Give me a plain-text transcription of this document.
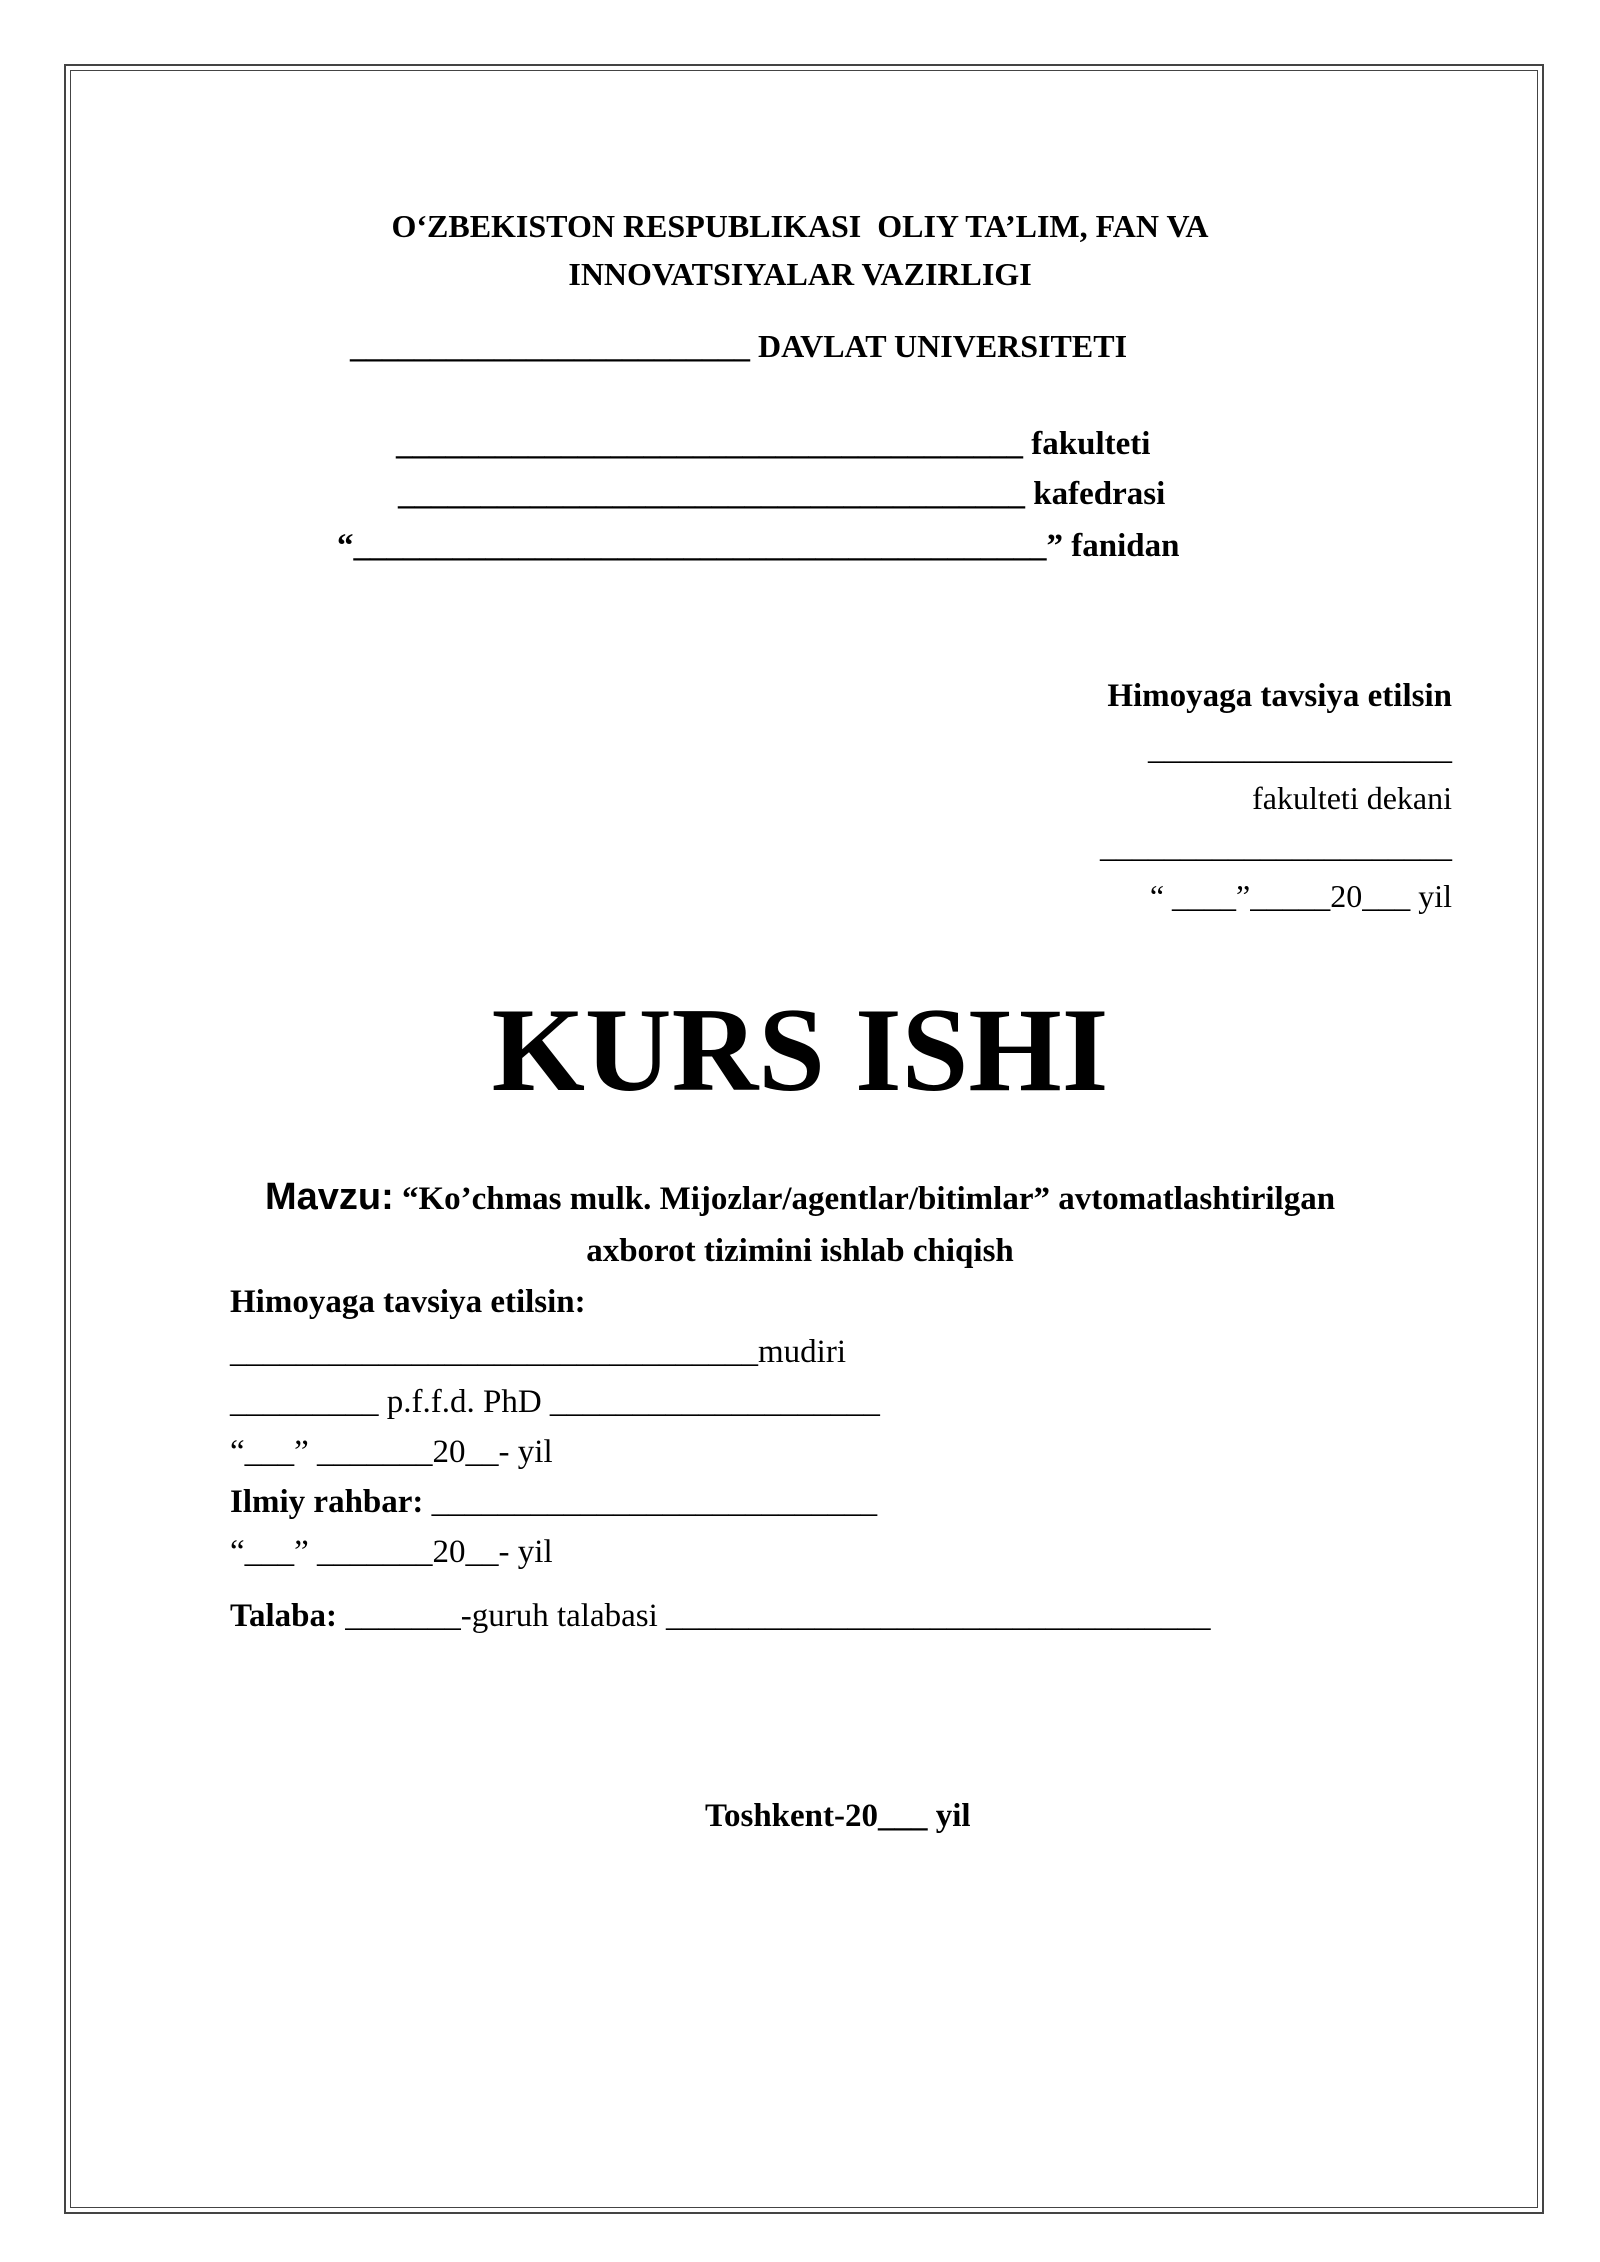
O‘ZBEKISTON RESPUBLIKASI  OLIY TA’LIM, FAN VA
INNOVATSIYALAR VAZIRLIGI
_________________________ DAVLAT UNIVERSITETI
______________________________________ fakulteti
______________________________________ kafedrasi
“__________________________________________” fanidan
Himoyaga tavsiya etilsin
___________________
fakulteti dekani
______________________
“ ____”_____20___ yil
KURS ISHI
Mavzu: “Ko’chmas mulk. Mijozlar/agentlar/bitimlar” avtomatlashtirilgan
axborot tizimini ishlab chiqish
Himoyaga tavsiya etilsin:
________________________________mudiri
_________ p.f.f.d. PhD ____________________
“___” _______20__- yil
Ilmiy rahbar: ___________________________
“___” _______20__- yil
Talaba: _______-guruh talabasi _________________________________
Toshkent-20___ yil
